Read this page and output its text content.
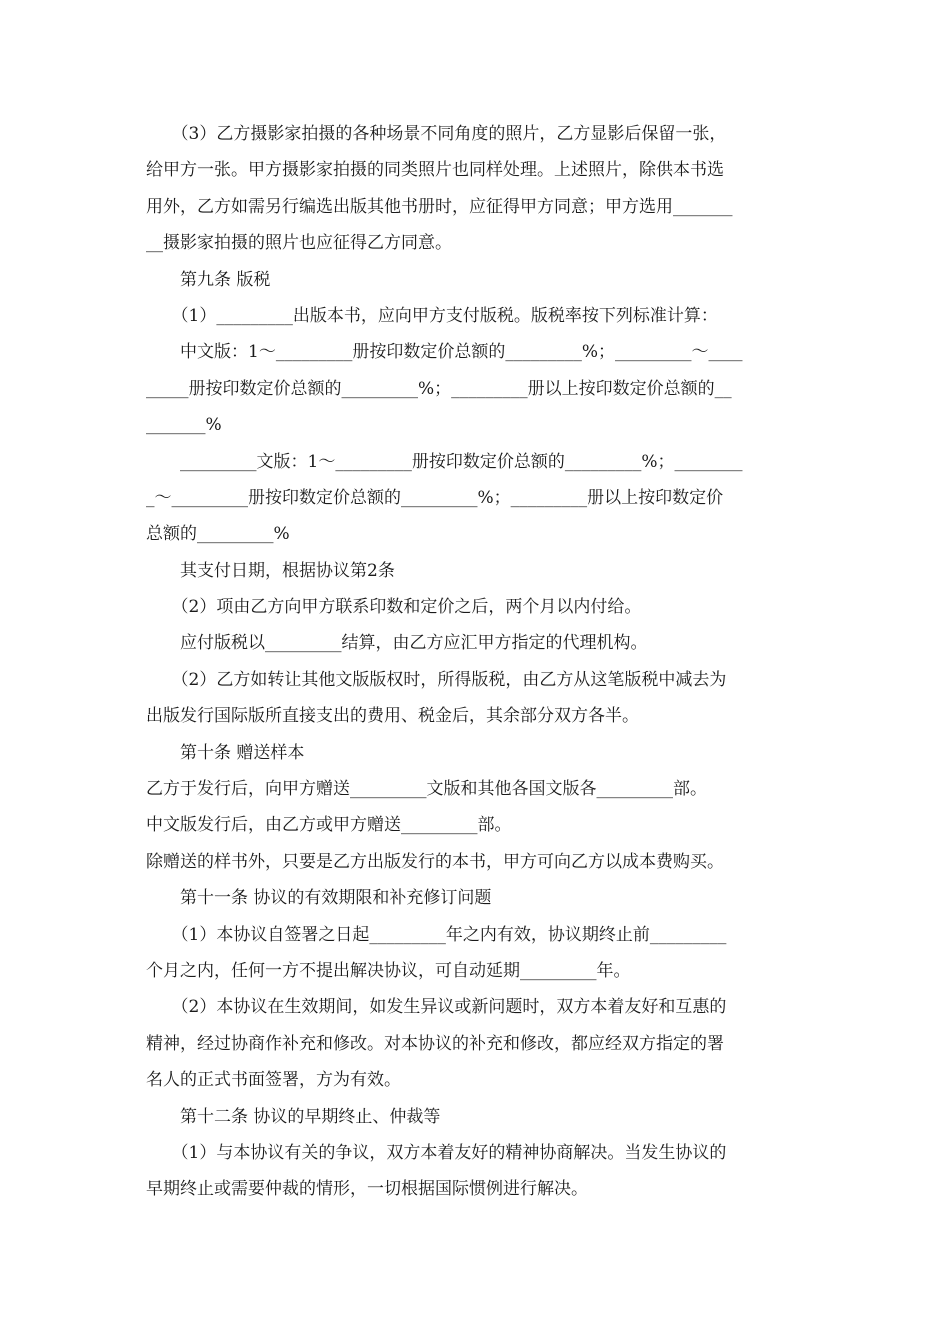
　　（3）乙方摄影家拍摄的各种场景不同角度的照片，乙方显影后保留一张，
给甲方一张。甲方摄影家拍摄的同类照片也同样处理。上述照片，除供本书选
用外，乙方如需另行编选出版其他书册时，应征得甲方同意；甲方选用_______
__摄影家拍摄的照片也应征得乙方同意。
　　第九条 版税
　　（1）_________出版本书，应向甲方支付版税。版税率按下列标准计算：
　　中文版：1～_________册按印数定价总额的_________%；_________～____
_____册按印数定价总额的_________%；_________册以上按印数定价总额的__
_______%
　　_________文版：1～_________册按印数定价总额的_________%；________
_～_________册按印数定价总额的_________%；_________册以上按印数定价
总额的_________%
　　其支付日期，根据协议第2条
　　（2）项由乙方向甲方联系印数和定价之后，两个月以内付给。
　　应付版税以_________结算，由乙方应汇甲方指定的代理机构。
　　（2）乙方如转让其他文版版权时，所得版税，由乙方从这笔版税中减去为
出版发行国际版所直接支出的费用、税金后，其余部分双方各半。
　　第十条 赠送样本
乙方于发行后，向甲方赠送_________文版和其他各国文版各_________部。
中文版发行后，由乙方或甲方赠送_________部。
除赠送的样书外，只要是乙方出版发行的本书，甲方可向乙方以成本费购买。
　　第十一条 协议的有效期限和补充修订问题
　　（1）本协议自签署之日起_________年之内有效，协议期终止前_________
个月之内，任何一方不提出解决协议，可自动延期_________年。
　　（2）本协议在生效期间，如发生异议或新问题时，双方本着友好和互惠的
精神，经过协商作补充和修改。对本协议的补充和修改，都应经双方指定的署
名人的正式书面签署，方为有效。
　　第十二条 协议的早期终止、仲裁等
　　（1）与本协议有关的争议，双方本着友好的精神协商解决。当发生协议的
早期终止或需要仲裁的情形，一切根据国际惯例进行解决。
